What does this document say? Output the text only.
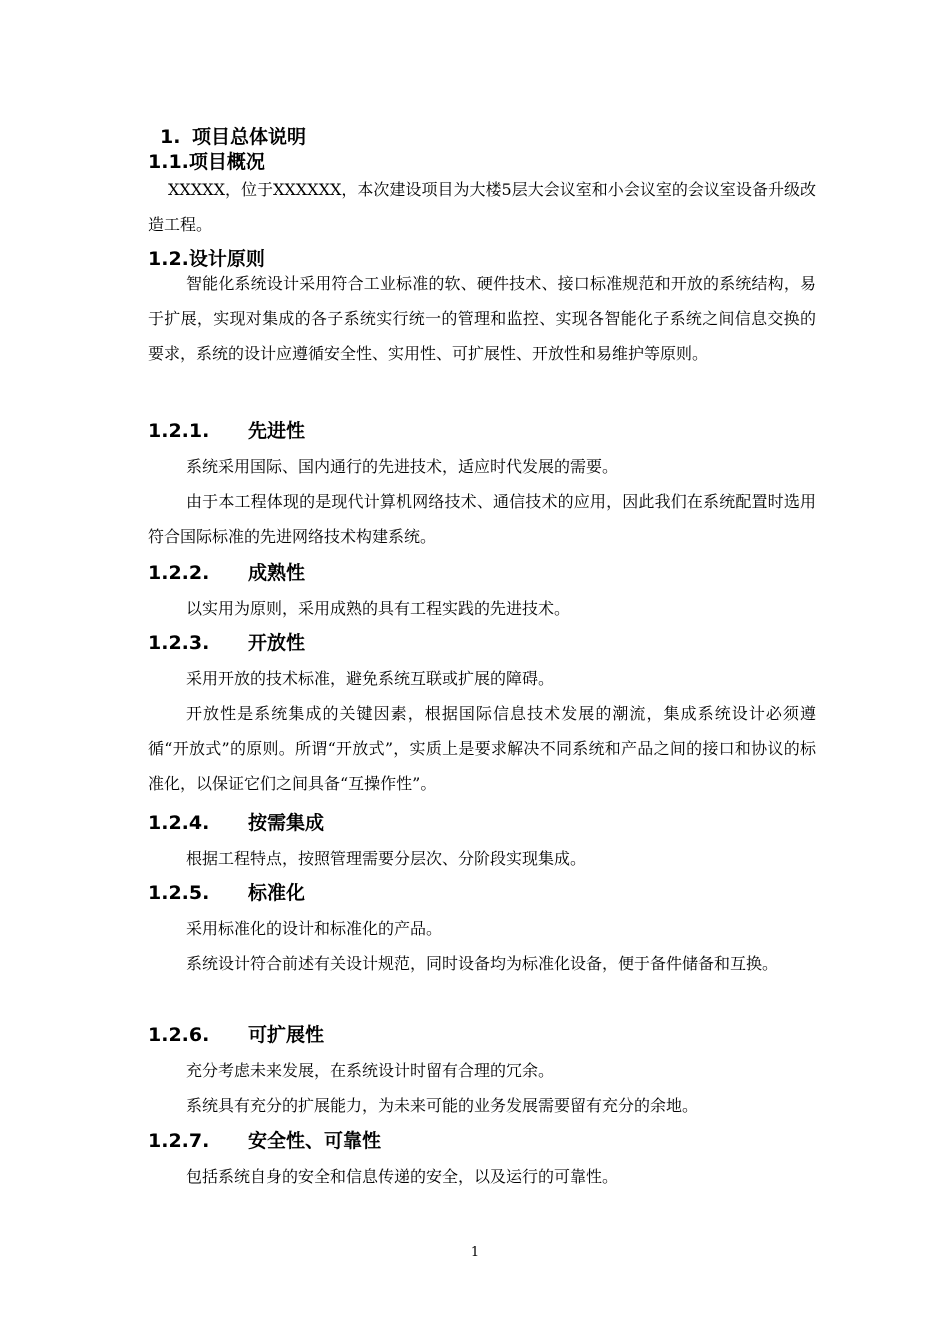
1. 项目总体说明
1.1.项目概况

XXXXX，位于XXXXXX，本次建设项目为大楼5层大会议室和小会议室的会议室设备升级改造工程。

1.2.设计原则

智能化系统设计采用符合工业标准的软、硬件技术、接口标准规范和开放的系统结构，易于扩展，实现对集成的各子系统实行统一的管理和监控、实现各智能化子系统之间信息交换的要求，系统的设计应遵循安全性、实用性、可扩展性、开放性和易维护等原则。

1.2.1. 先进性

系统采用国际、国内通行的先进技术，适应时代发展的需要。

由于本工程体现的是现代计算机网络技术、通信技术的应用，因此我们在系统配置时选用符合国际标准的先进网络技术构建系统。

1.2.2. 成熟性

以实用为原则，采用成熟的具有工程实践的先进技术。

1.2.3. 开放性

采用开放的技术标准，避免系统互联或扩展的障碍。

开放性是系统集成的关键因素，根据国际信息技术发展的潮流，集成系统设计必须遵循“开放式”的原则。所谓“开放式”，实质上是要求解决不同系统和产品之间的接口和协议的标准化，以保证它们之间具备“互操作性”。

1.2.4. 按需集成

根据工程特点，按照管理需要分层次、分阶段实现集成。

1.2.5. 标准化

采用标准化的设计和标准化的产品。

系统设计符合前述有关设计规范，同时设备均为标准化设备，便于备件储备和互换。

1.2.6. 可扩展性

充分考虑未来发展，在系统设计时留有合理的冗余。

系统具有充分的扩展能力，为未来可能的业务发展需要留有充分的余地。

1.2.7. 安全性、可靠性

包括系统自身的安全和信息传递的安全，以及运行的可靠性。

1
